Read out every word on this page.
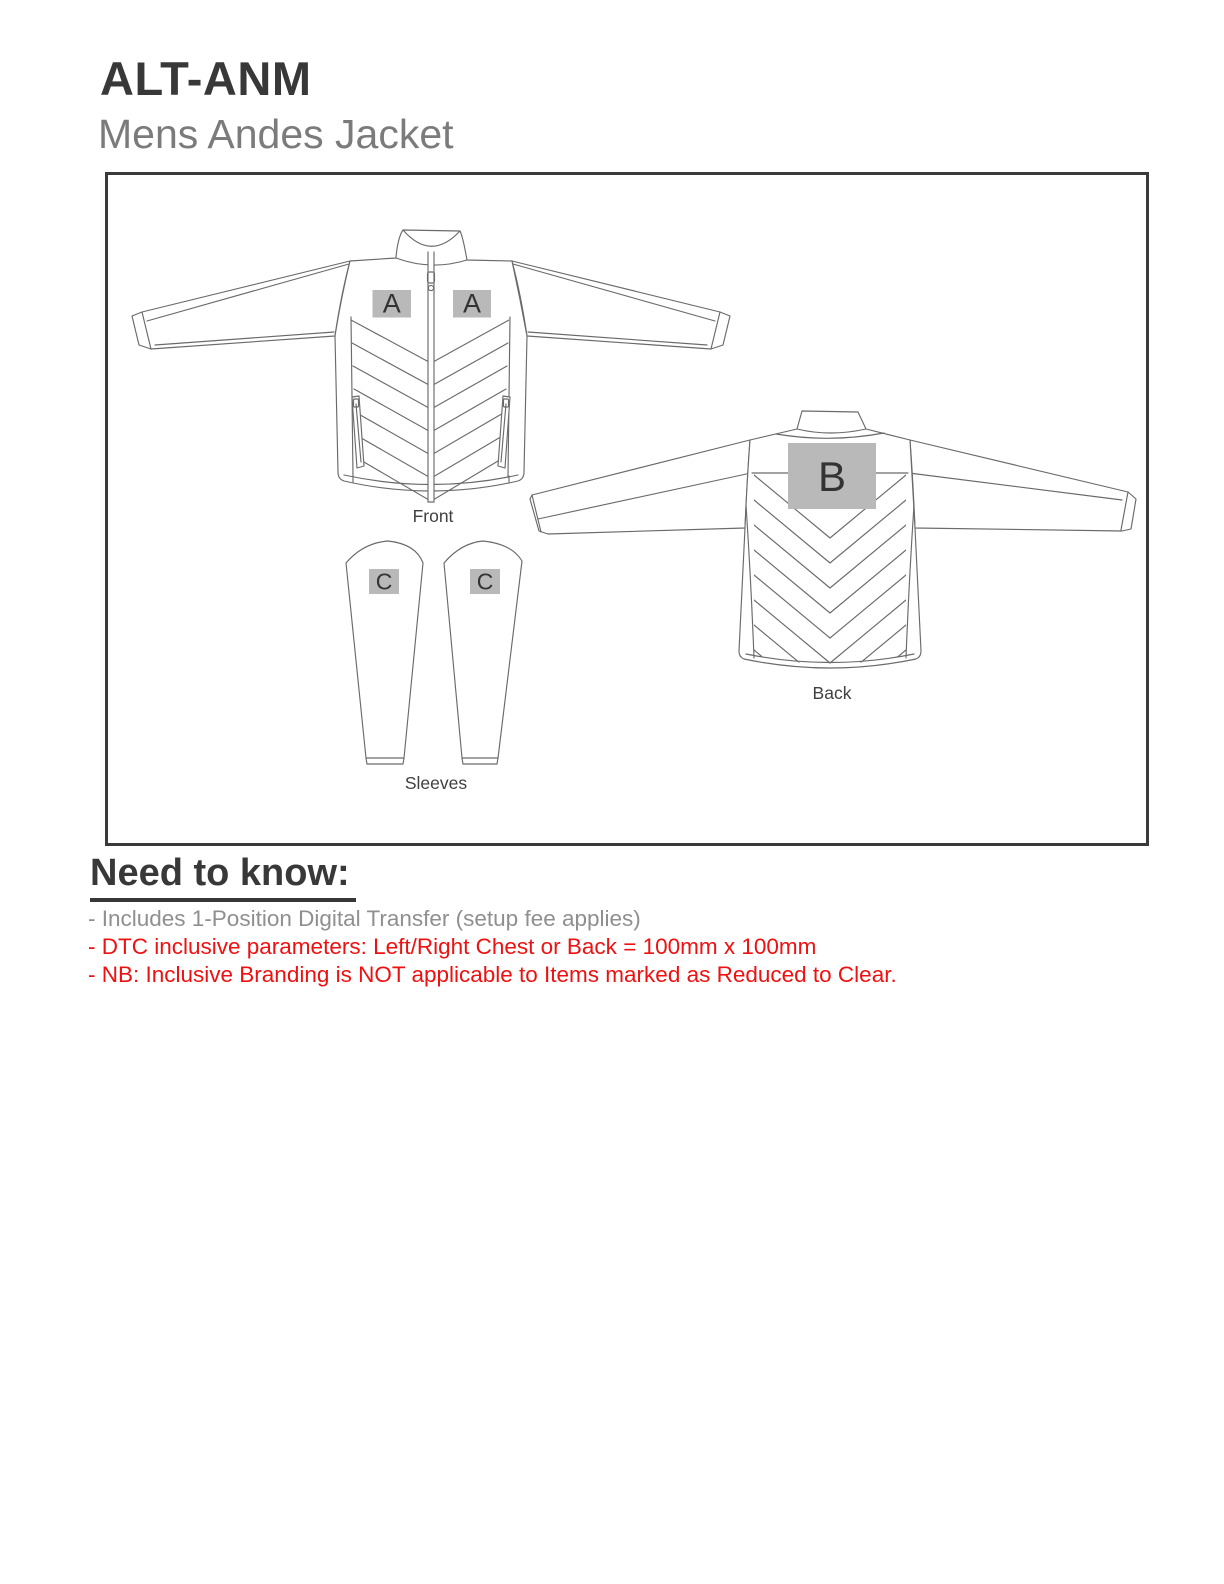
ALT-ANM
Mens Andes Jacket
A A
Front
B
Back
C	C
Sleeves
Need to know:
- Includes 1-Position Digital Transfer (setup fee applies)
- DTC inclusive parameters: Left/Right Chest or Back = 100mm x 100mm
- NB: Inclusive Branding is NOT applicable to Items marked as Reduced to Clear.
